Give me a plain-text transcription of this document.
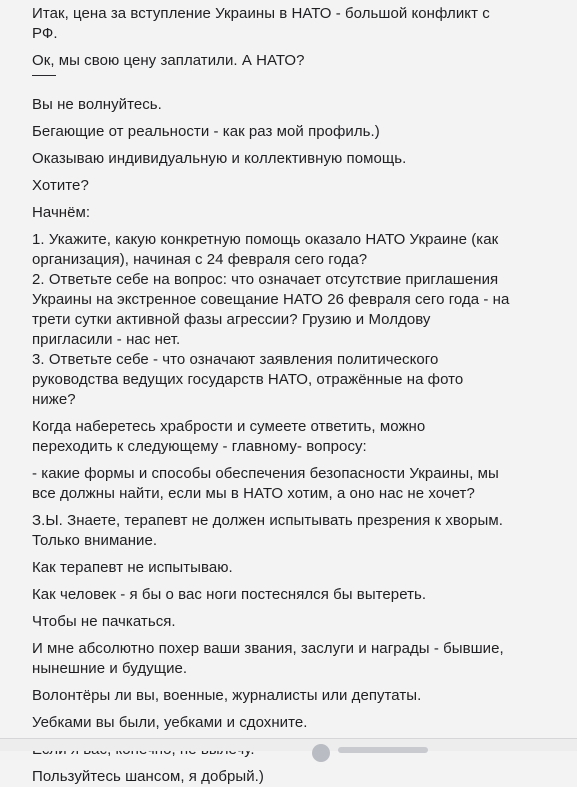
Итак, цена за вступление Украины в НАТО - большой конфликт с
РФ.

Ок, мы свою цену заплатили. А НАТО?

Вы не волнуйтесь.

Бегающие от реальности - как раз мой профиль.)

Оказываю индивидуальную и коллективную помощь.

Хотите?

Начнём:

1. Укажите, какую конкретную помощь оказало НАТО Украине (как
организация), начиная с 24 февраля сего года?
2. Ответьте себе на вопрос: что означает отсутствие приглашения
Украины на экстренное совещание НАТО 26 февраля сего года - на
трети сутки активной фазы агрессии? Грузию и Молдову
пригласили - нас нет.
3. Ответьте себе - что означают заявления политического
руководства ведущих государств НАТО, отражённые на фото
ниже?

Когда наберетесь храбрости и сумеете ответить, можно
переходить к следующему - главному- вопросу:

- какие формы и способы обеспечения безопасности Украины, мы
все должны найти, если мы в НАТО хотим, а оно нас не хочет?

З.Ы. Знаете, терапевт не должен испытывать презрения к хворым.
Только внимание.

Как терапевт не испытываю.

Как человек - я бы о вас ноги постеснялся бы вытереть.

Чтобы не пачкаться.

И мне абсолютно похер ваши звания, заслуги и награды - бывшие,
нынешние и будущие.

Волонтёры ли вы, военные, журналисты или депутаты.

Уебками вы были, уебками и сдохните.

Пользуйтесь шансом, я добрый.)
